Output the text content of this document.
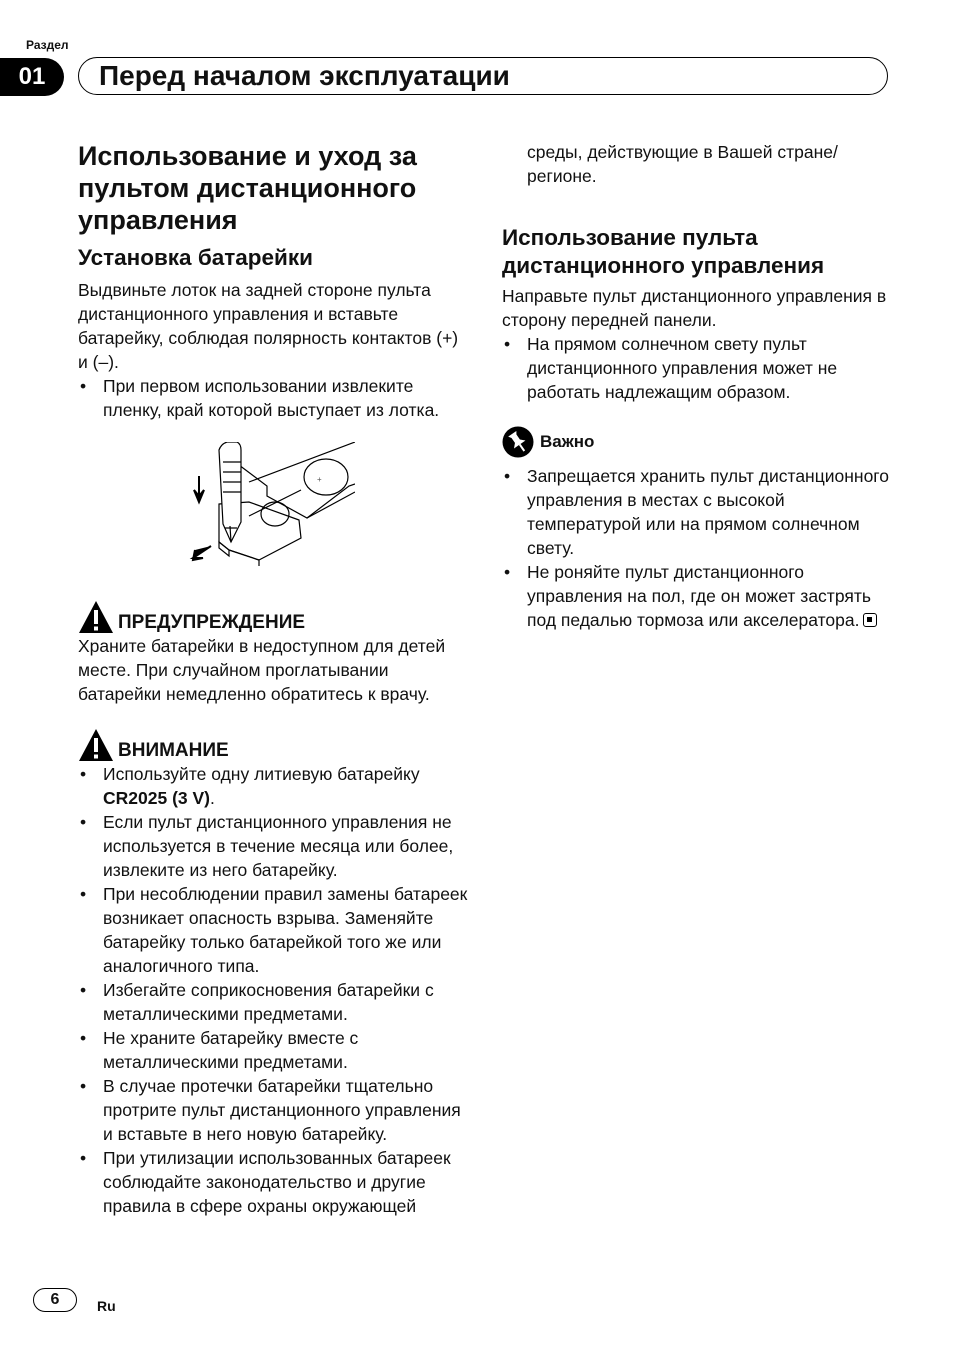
Раздел
01	Перед началом эксплуатации
Использование и уход за пультом дистанционного управления
Установка батарейки

Выдвиньте лоток на задней стороне пульта дистанционного управления и вставьте батарейку, соблюдая полярность контактов (+) и (–).

• При первом использовании извлеките пленку, край которой выступает из лотка.
+
ПРЕДУПРЕЖДЕНИЕ

Храните батарейки в недоступном для детей месте. При случайном проглатывании батарейки немедленно обратитесь к врачу.

ВНИМАНИЕ
• Используйте одну литиевую батарейку CR2025 (3 V).
• Если пульт дистанционного управления не используется в течение месяца или более, извлеките из него батарейку.
• При несоблюдении правил замены батареек возникает опасность взрыва. Заменяйте батарейку только батарейкой того же или аналогичного типа.
• Избегайте соприкосновения батарейки с металлическими предметами.
• Не храните батарейку вместе с металлическими предметами.
• В случае протечки батарейки тщательно протрите пульт дистанционного управления и вставьте в него новую батарейку.
• При утилизации использованных батареек соблюдайте законодательство и другие правила в сфере охраны окружающей

среды, действующие в Вашей стране/ регионе.

Использование пульта дистанционного управления

Направьте пульт дистанционного управления в сторону передней панели.

• На прямом солнечном свету пульт дистанционного управления может не работать надлежащим образом.
Важно
• Запрещается хранить пульт дистанционного управления в местах с высокой температурой или на прямом солнечном свету.
• Не роняйте пульт дистанционного управления на пол, где он может застрять под педалью тормоза или акселератора.
6	Ru
